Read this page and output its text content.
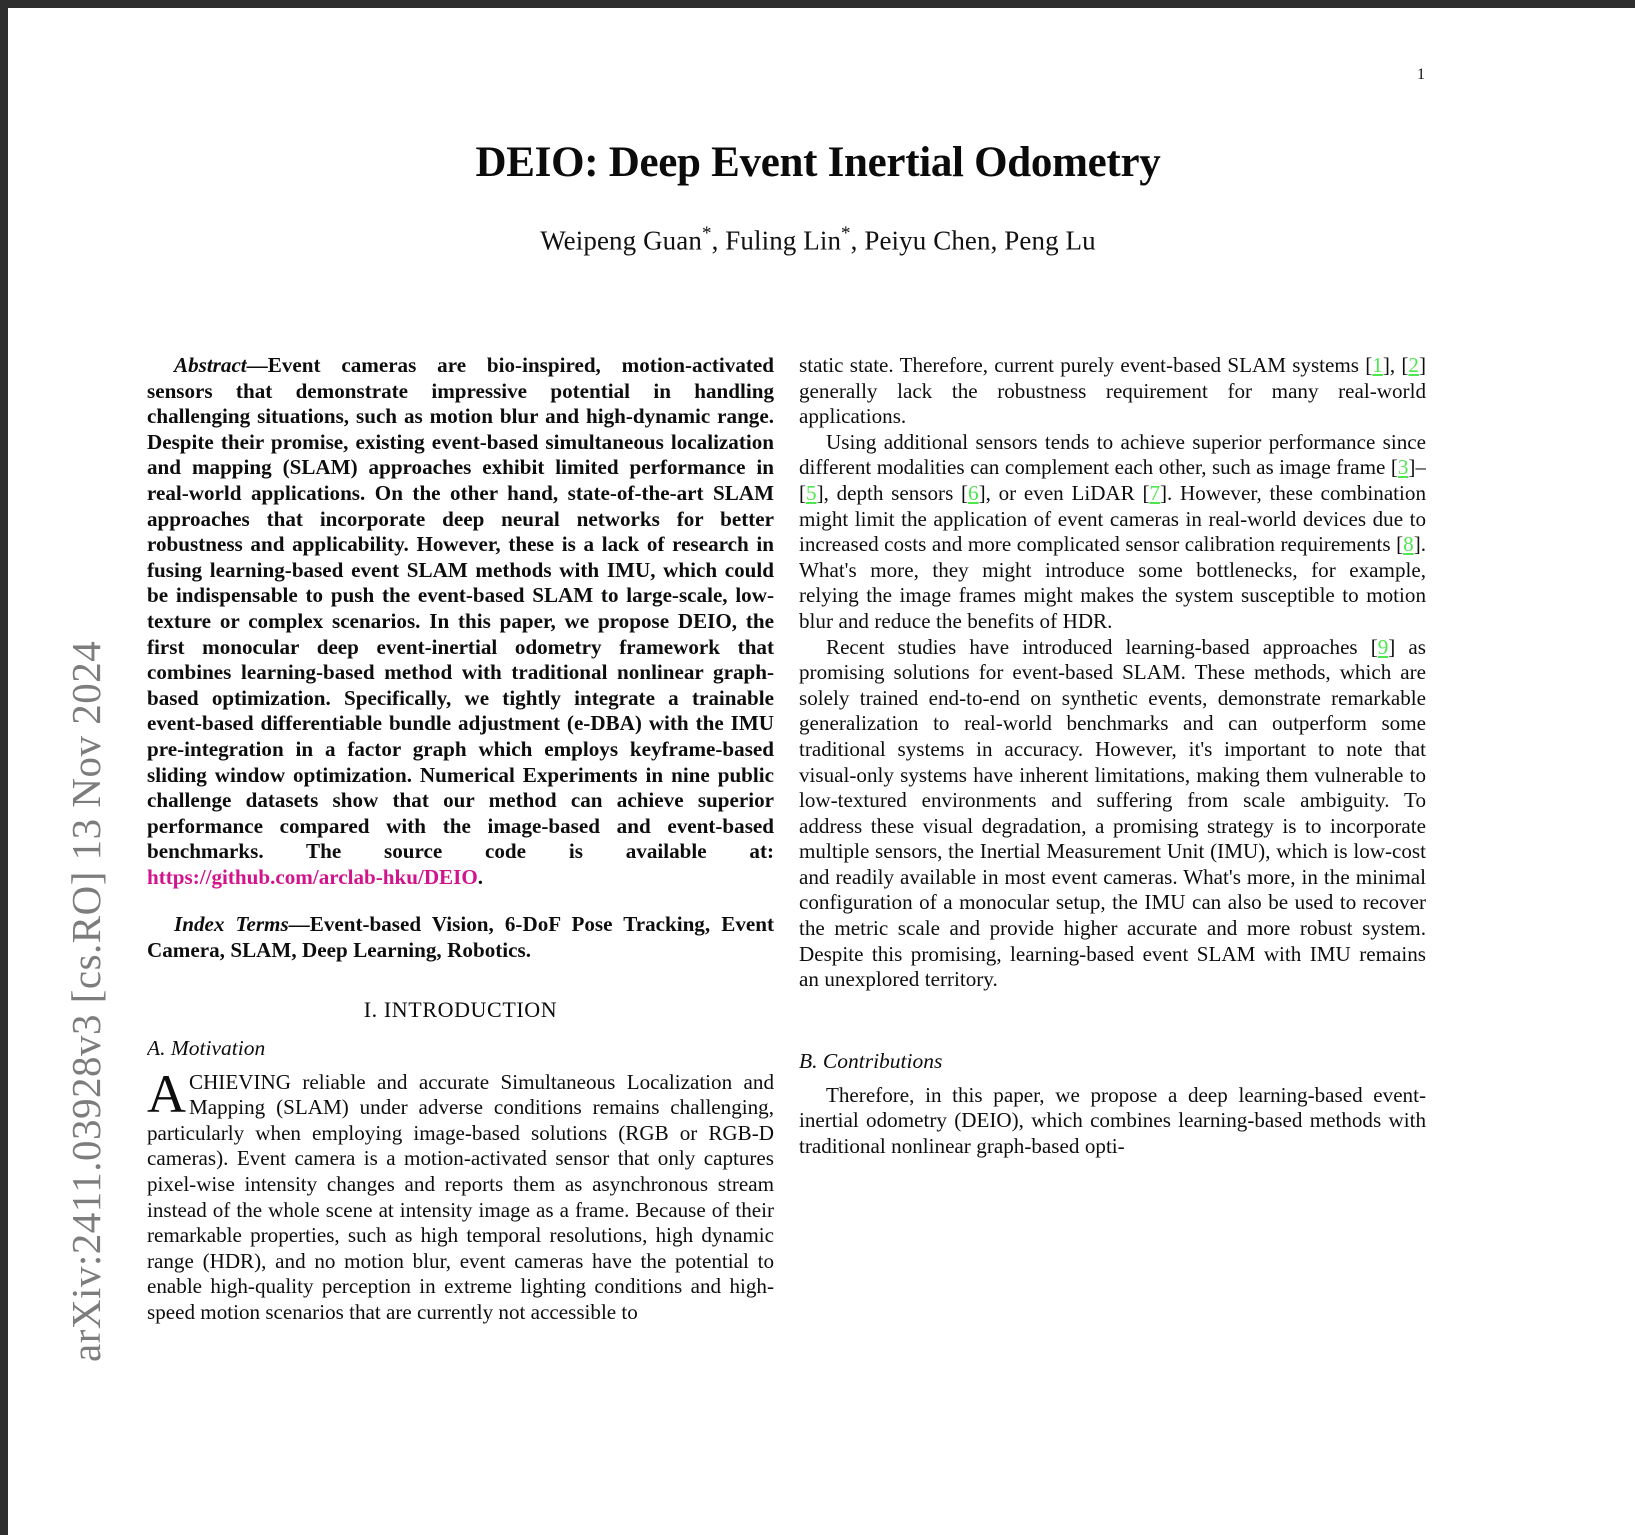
arXiv:2411.03928v3 [cs.RO] 13 Nov 2024
1
DEIO: Deep Event Inertial Odometry
Weipeng Guan*, Fuling Lin*, Peiyu Chen, Peng Lu

Abstract—Event cameras are bio-inspired, motion-activated sensors that demonstrate impressive potential in handling challenging situations, such as motion blur and high-dynamic range. Despite their promise, existing event-based simultaneous localization and mapping (SLAM) approaches exhibit limited performance in real-world applications. On the other hand, state-of-the-art SLAM approaches that incorporate deep neural networks for better robustness and applicability. However, these is a lack of research in fusing learning-based event SLAM methods with IMU, which could be indispensable to push the event-based SLAM to large-scale, low-texture or complex scenarios. In this paper, we propose DEIO, the first monocular deep event-inertial odometry framework that combines learning-based method with traditional nonlinear graph-based optimization. Specifically, we tightly integrate a trainable event-based differentiable bundle adjustment (e-DBA) with the IMU pre-integration in a factor graph which employs keyframe-based sliding window optimization. Numerical Experiments in nine public challenge datasets show that our method can achieve superior performance compared with the image-based and event-based benchmarks. The source code is available at: https://github.com/arclab-hku/DEIO.

Index Terms—Event-based Vision, 6-DoF Pose Tracking, Event Camera, SLAM, Deep Learning, Robotics.

I. INTRODUCTION
A. Motivation

ACHIEVING reliable and accurate Simultaneous Localization and Mapping (SLAM) under adverse conditions remains challenging, particularly when employing image-based solutions (RGB or RGB-D cameras). Event camera is a motion-activated sensor that only captures pixel-wise intensity changes and reports them as asynchronous stream instead of the whole scene at intensity image as a frame. Because of their remarkable properties, such as high temporal resolutions, high dynamic range (HDR), and no motion blur, event cameras have the potential to enable high-quality perception in extreme lighting conditions and high-speed motion scenarios that are currently not accessible to

static state. Therefore, current purely event-based SLAM systems [1], [2] generally lack the robustness requirement for many real-world applications.

Using additional sensors tends to achieve superior performance since different modalities can complement each other, such as image frame [3]–[5], depth sensors [6], or even LiDAR [7]. However, these combination might limit the application of event cameras in real-world devices due to increased costs and more complicated sensor calibration requirements [8]. What's more, they might introduce some bottlenecks, for example, relying the image frames might makes the system susceptible to motion blur and reduce the benefits of HDR.

Recent studies have introduced learning-based approaches [9] as promising solutions for event-based SLAM. These methods, which are solely trained end-to-end on synthetic events, demonstrate remarkable generalization to real-world benchmarks and can outperform some traditional systems in accuracy. However, it's important to note that visual-only systems have inherent limitations, making them vulnerable to low-textured environments and suffering from scale ambiguity. To address these visual degradation, a promising strategy is to incorporate multiple sensors, the Inertial Measurement Unit (IMU), which is low-cost and readily available in most event cameras. What's more, in the minimal configuration of a monocular setup, the IMU can also be used to recover the metric scale and provide higher accurate and more robust system. Despite this promising, learning-based event SLAM with IMU remains an unexplored territory.

B. Contributions

Therefore, in this paper, we propose a deep learning-based event-inertial odometry (DEIO), which combines learning-based methods with traditional nonlinear graph-based opti-
